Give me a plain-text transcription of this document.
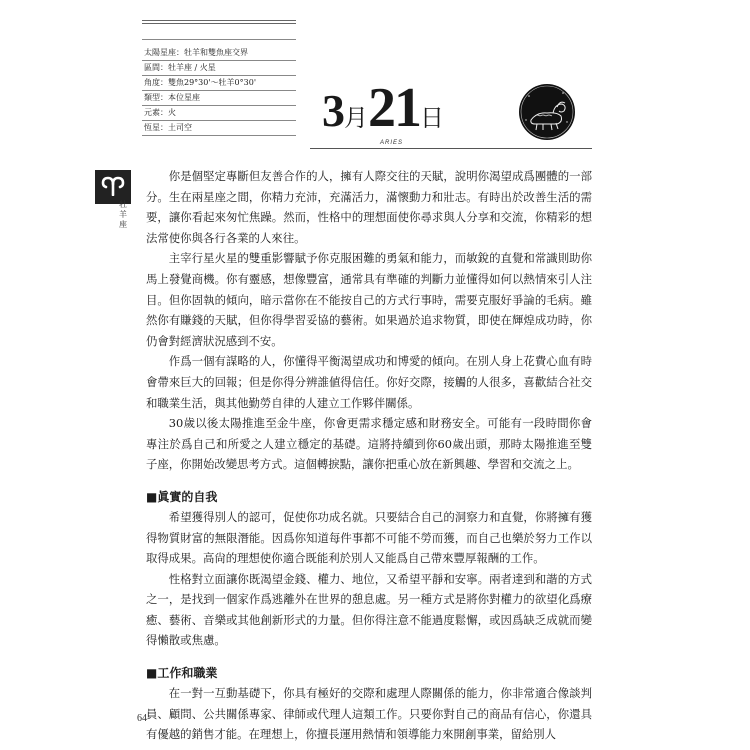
太陽星座：牡羊和雙魚座交界
區間：牡羊座 / 火星
角度：雙魚29°30'～牡羊0°30'
類型：本位星座
元素：火
恆星：土司空	3月21日
ARIES
牡羊座

你是個堅定專斷但友善合作的人，擁有人際交往的天賦，說明你渴望成爲團體的一部分。生在兩星座之間，你精力充沛，充滿活力，滿懷動力和壯志。有時出於改善生活的需要，讓你看起來匆忙焦躁。然而，性格中的理想面使你尋求與人分享和交流，你精彩的想法常使你與各行各業的人來往。

主宰行星火星的雙重影響賦予你克服困難的勇氣和能力，而敏銳的直覺和常識則助你馬上發覺商機。你有靈感，想像豐富，通常具有準確的判斷力並懂得如何以熱情來引人注目。但你固執的傾向，暗示當你在不能按自己的方式行事時，需要克服好爭論的毛病。雖然你有賺錢的天賦，但你得學習妥協的藝術。如果過於追求物質，即使在輝煌成功時，你仍會對經濟狀況感到不安。

作爲一個有謀略的人，你懂得平衡渴望成功和博愛的傾向。在別人身上花費心血有時會帶來巨大的回報；但是你得分辨誰値得信任。你好交際，接觸的人很多，喜歡結合社交和職業生活，與其他勤勞自律的人建立工作夥伴關係。

30歲以後太陽推進至金牛座，你會更需求穩定感和財務安全。可能有一段時間你會專注於爲自己和所愛之人建立穩定的基礎。這將持續到你60歲出頭，那時太陽推進至雙子座，你開始改變思考方式。這個轉捩點，讓你把重心放在新興趣、學習和交流之上。

■眞實的自我

希望獲得別人的認可，促使你功成名就。只要結合自己的洞察力和直覺，你將擁有獲得物質財富的無限潛能。因爲你知道每件事都不可能不勞而獲，而自己也樂於努力工作以取得成果。高尙的理想使你適合既能利於別人又能爲自己帶來豐厚報酬的工作。

性格對立面讓你既渴望金錢、權力、地位，又希望平靜和安寧。兩者達到和諧的方式之一，是找到一個家作爲逃離外在世界的憩息處。另一種方式是將你對權力的欲望化爲療癒、藝術、音樂或其他創新形式的力量。但你得注意不能過度鬆懈，或因爲缺乏成就而變得懶散或焦慮。

■工作和職業

在一對一互動基礎下，你具有極好的交際和處理人際關係的能力，你非常適合像談判員、顧問、公共關係專家、律師或代理人這類工作。只要你對自己的商品有信心，你還具有優越的銷售才能。在理想上，你擅長運用熱情和領導能力來開創事業，留給別人

64
